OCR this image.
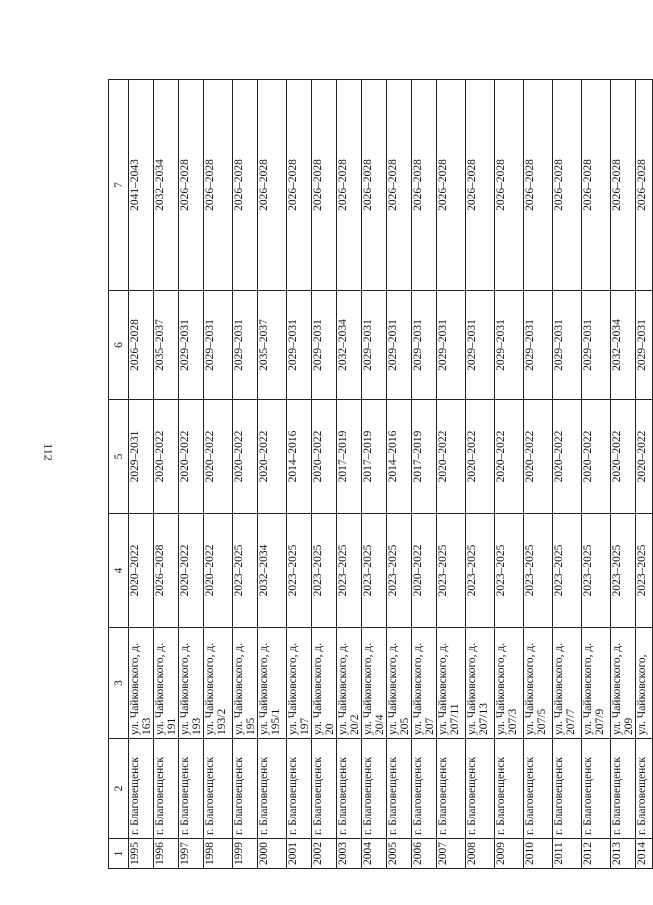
112
1	2	3	4	5	6	7
1995	г. Благовещенск	ул. Чайковского, д. 163	2020–2022	2029–2031	2026–2028	2041–2043
1996	г. Благовещенск	ул. Чайковского, д. 191	2026–2028	2020–2022	2035–2037	2032–2034
1997	г. Благовещенск	ул. Чайковского, д. 193	2020–2022	2020–2022	2029–2031	2026–2028
1998	г. Благовещенск	ул. Чайковского, д. 193/2	2020–2022	2020–2022	2029–2031	2026–2028
1999	г. Благовещенск	ул. Чайковского, д. 195	2023–2025	2020–2022	2029–2031	2026–2028
2000	г. Благовещенск	ул. Чайковского, д. 195/1	2032–2034	2020–2022	2035–2037	2026–2028
2001	г. Благовещенск	ул. Чайковского, д. 197	2023–2025	2014–2016	2029–2031	2026–2028
2002	г. Благовещенск	ул. Чайковского, д. 20	2023–2025	2020–2022	2029–2031	2026–2028
2003	г. Благовещенск	ул. Чайковского, д. 20/2	2023–2025	2017–2019	2032–2034	2026–2028
2004	г. Благовещенск	ул. Чайковского, д. 20/4	2023–2025	2017–2019	2029–2031	2026–2028
2005	г. Благовещенск	ул. Чайковского, д. 205	2023–2025	2014–2016	2029–2031	2026–2028
2006	г. Благовещенск	ул. Чайковского, д. 207	2020–2022	2017–2019	2029–2031	2026–2028
2007	г. Благовещенск	ул. Чайковского, д. 207/11	2023–2025	2020–2022	2029–2031	2026–2028
2008	г. Благовещенск	ул. Чайковского, д. 207/13	2023–2025	2020–2022	2029–2031	2026–2028
2009	г. Благовещенск	ул. Чайковского, д. 207/3	2023–2025	2020–2022	2029–2031	2026–2028
2010	г. Благовещенск	ул. Чайковского, д. 207/5	2023–2025	2020–2022	2029–2031	2026–2028
2011	г. Благовещенск	ул. Чайковского, д. 207/7	2023–2025	2020–2022	2029–2031	2026–2028
2012	г. Благовещенск	ул. Чайковского, д. 207/9	2023–2025	2020–2022	2029–2031	2026–2028
2013	г. Благовещенск	ул. Чайковского, д. 209	2023–2025	2020–2022	2032–2034	2026–2028
2014	г. Благовещенск	ул. Чайковского,	2023–2025	2020–2022	2029–2031	2026–2028
